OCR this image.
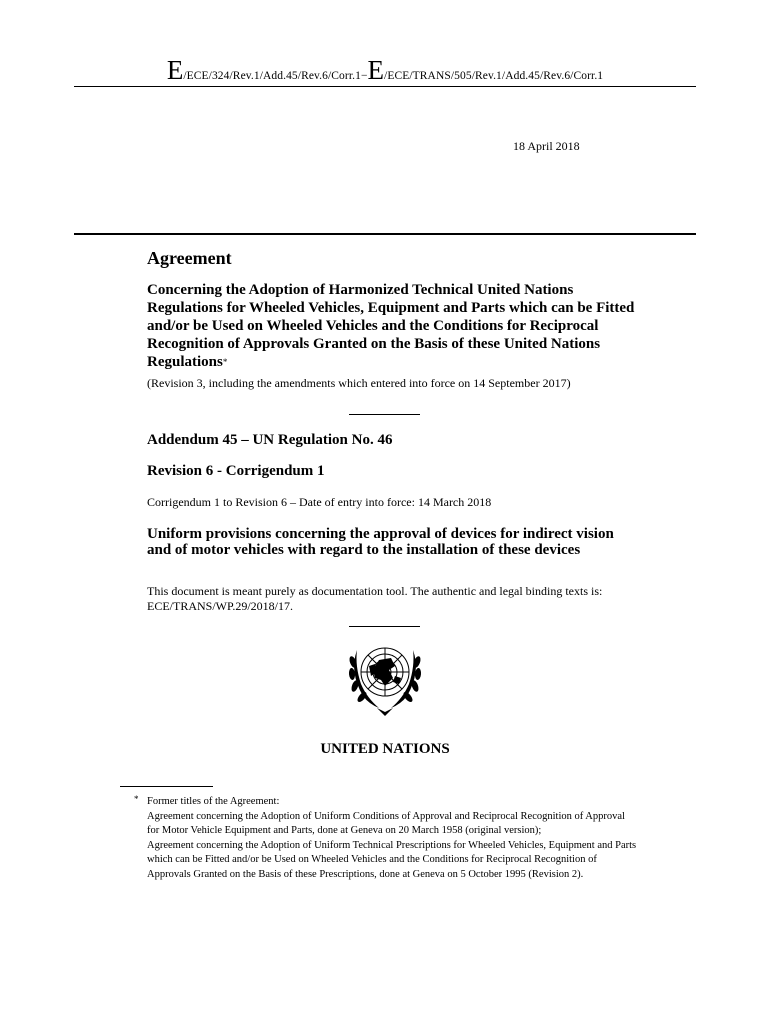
E/ECE/324/Rev.1/Add.45/Rev.6/Corr.1−E/ECE/TRANS/505/Rev.1/Add.45/Rev.6/Corr.1
18 April 2018
Agreement
Concerning the Adoption of Harmonized Technical United Nations Regulations for Wheeled Vehicles, Equipment and Parts which can be Fitted and/or be Used on Wheeled Vehicles and the Conditions for Reciprocal Recognition of Approvals Granted on the Basis of these United Nations Regulations*
(Revision 3, including the amendments which entered into force on 14 September 2017)
Addendum 45 – UN Regulation No. 46
Revision 6 - Corrigendum 1
Corrigendum 1 to Revision 6 – Date of entry into force: 14 March 2018
Uniform provisions concerning the approval of devices for indirect vision and of motor vehicles with regard to the installation of these devices
This document is meant purely as documentation tool. The authentic and legal binding texts is: ECE/TRANS/WP.29/2018/17.
UNITED NATIONS
* Former titles of the Agreement:

Agreement concerning the Adoption of Uniform Conditions of Approval and Reciprocal Recognition of Approval for Motor Vehicle Equipment and Parts, done at Geneva on 20 March 1958 (original version);

Agreement concerning the Adoption of Uniform Technical Prescriptions for Wheeled Vehicles, Equipment and Parts which can be Fitted and/or be Used on Wheeled Vehicles and the Conditions for Reciprocal Recognition of Approvals Granted on the Basis of these Prescriptions, done at Geneva on 5 October 1995 (Revision 2).
